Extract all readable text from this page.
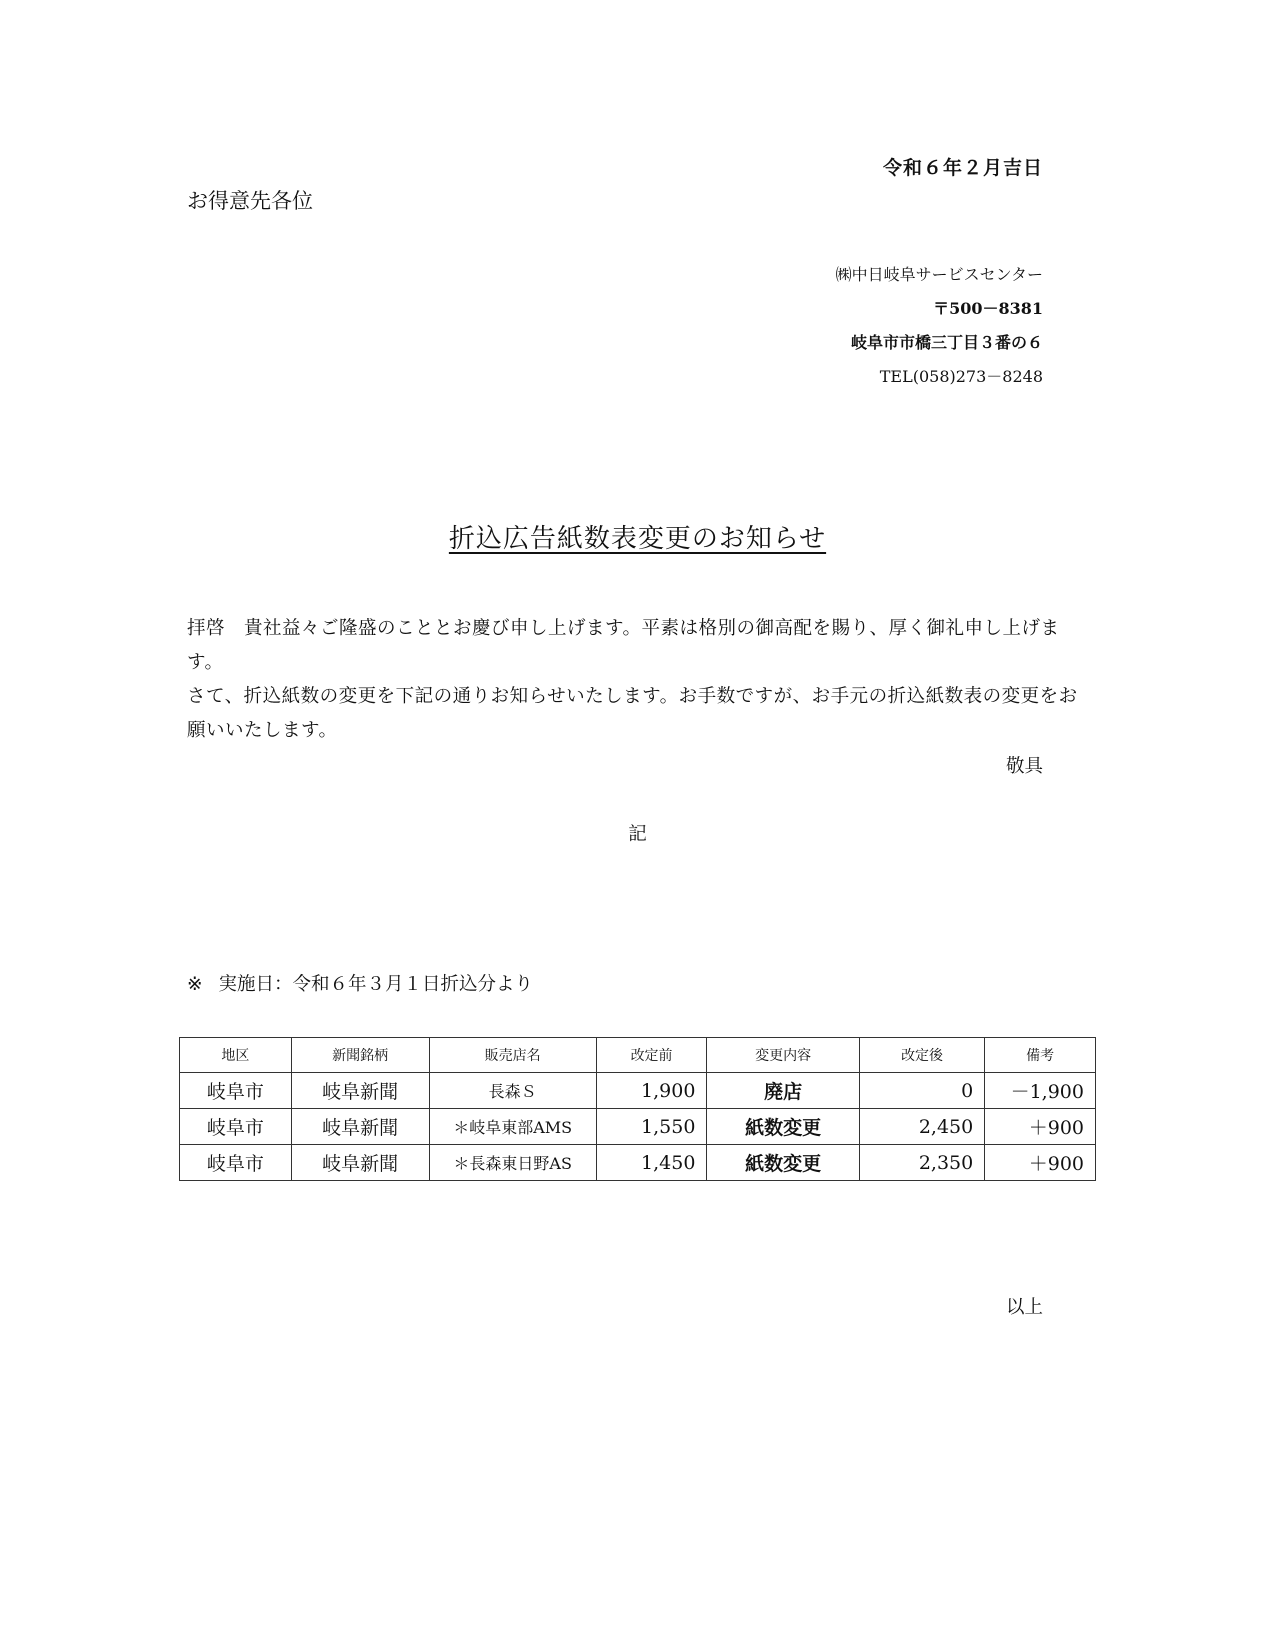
令和６年２月吉日
お得意先各位
㈱中日岐阜サービスセンター
〒500－8381
岐阜市市橋三丁目３番の６
TEL(058)273－8248
折込広告紙数表変更のお知らせ

拝啓　貴社益々ご隆盛のこととお慶び申し上げます。平素は格別の御高配を賜り、厚く御礼申し上げます。

さて、折込紙数の変更を下記の通りお知らせいたします。お手数ですが、お手元の折込紙数表の変更をお願いいたします。

敬具
記
※ 実施日：令和６年３月１日折込分より
地区	新聞銘柄	販売店名	改定前	変更内容	改定後	備考
岐阜市	岐阜新聞	長森Ｓ	1,900	廃店	0	－1,900
岐阜市	岐阜新聞	＊岐阜東部AMS	1,550	紙数変更	2,450	＋900
岐阜市	岐阜新聞	＊長森東日野AS	1,450	紙数変更	2,350	＋900
以上
